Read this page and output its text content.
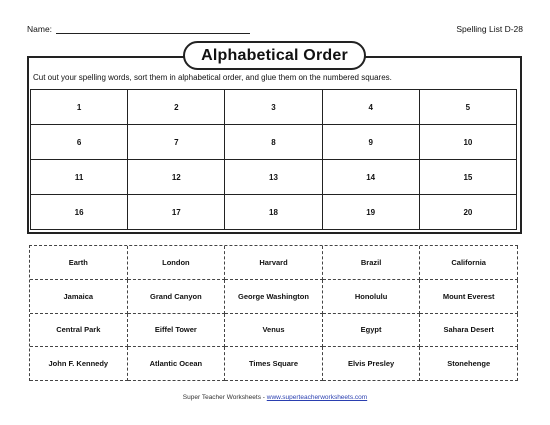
Name:	Spelling List D-28
Alphabetical Order
Cut out your spelling words, sort them in alphabetical order, and glue them on the numbered squares.
1	2	3	4	5
6	7	8	9	10
11	12	13	14	15
16	17	18	19	20
Earth	London	Harvard	Brazil	California
Jamaica	Grand Canyon	George Washington	Honolulu	Mount Everest
Central Park	Eiffel Tower	Venus	Egypt	Sahara Desert
John F. Kennedy	Atlantic Ocean	Times Square	Elvis Presley	Stonehenge
Super Teacher Worksheets - www.superteacherworksheets.com
